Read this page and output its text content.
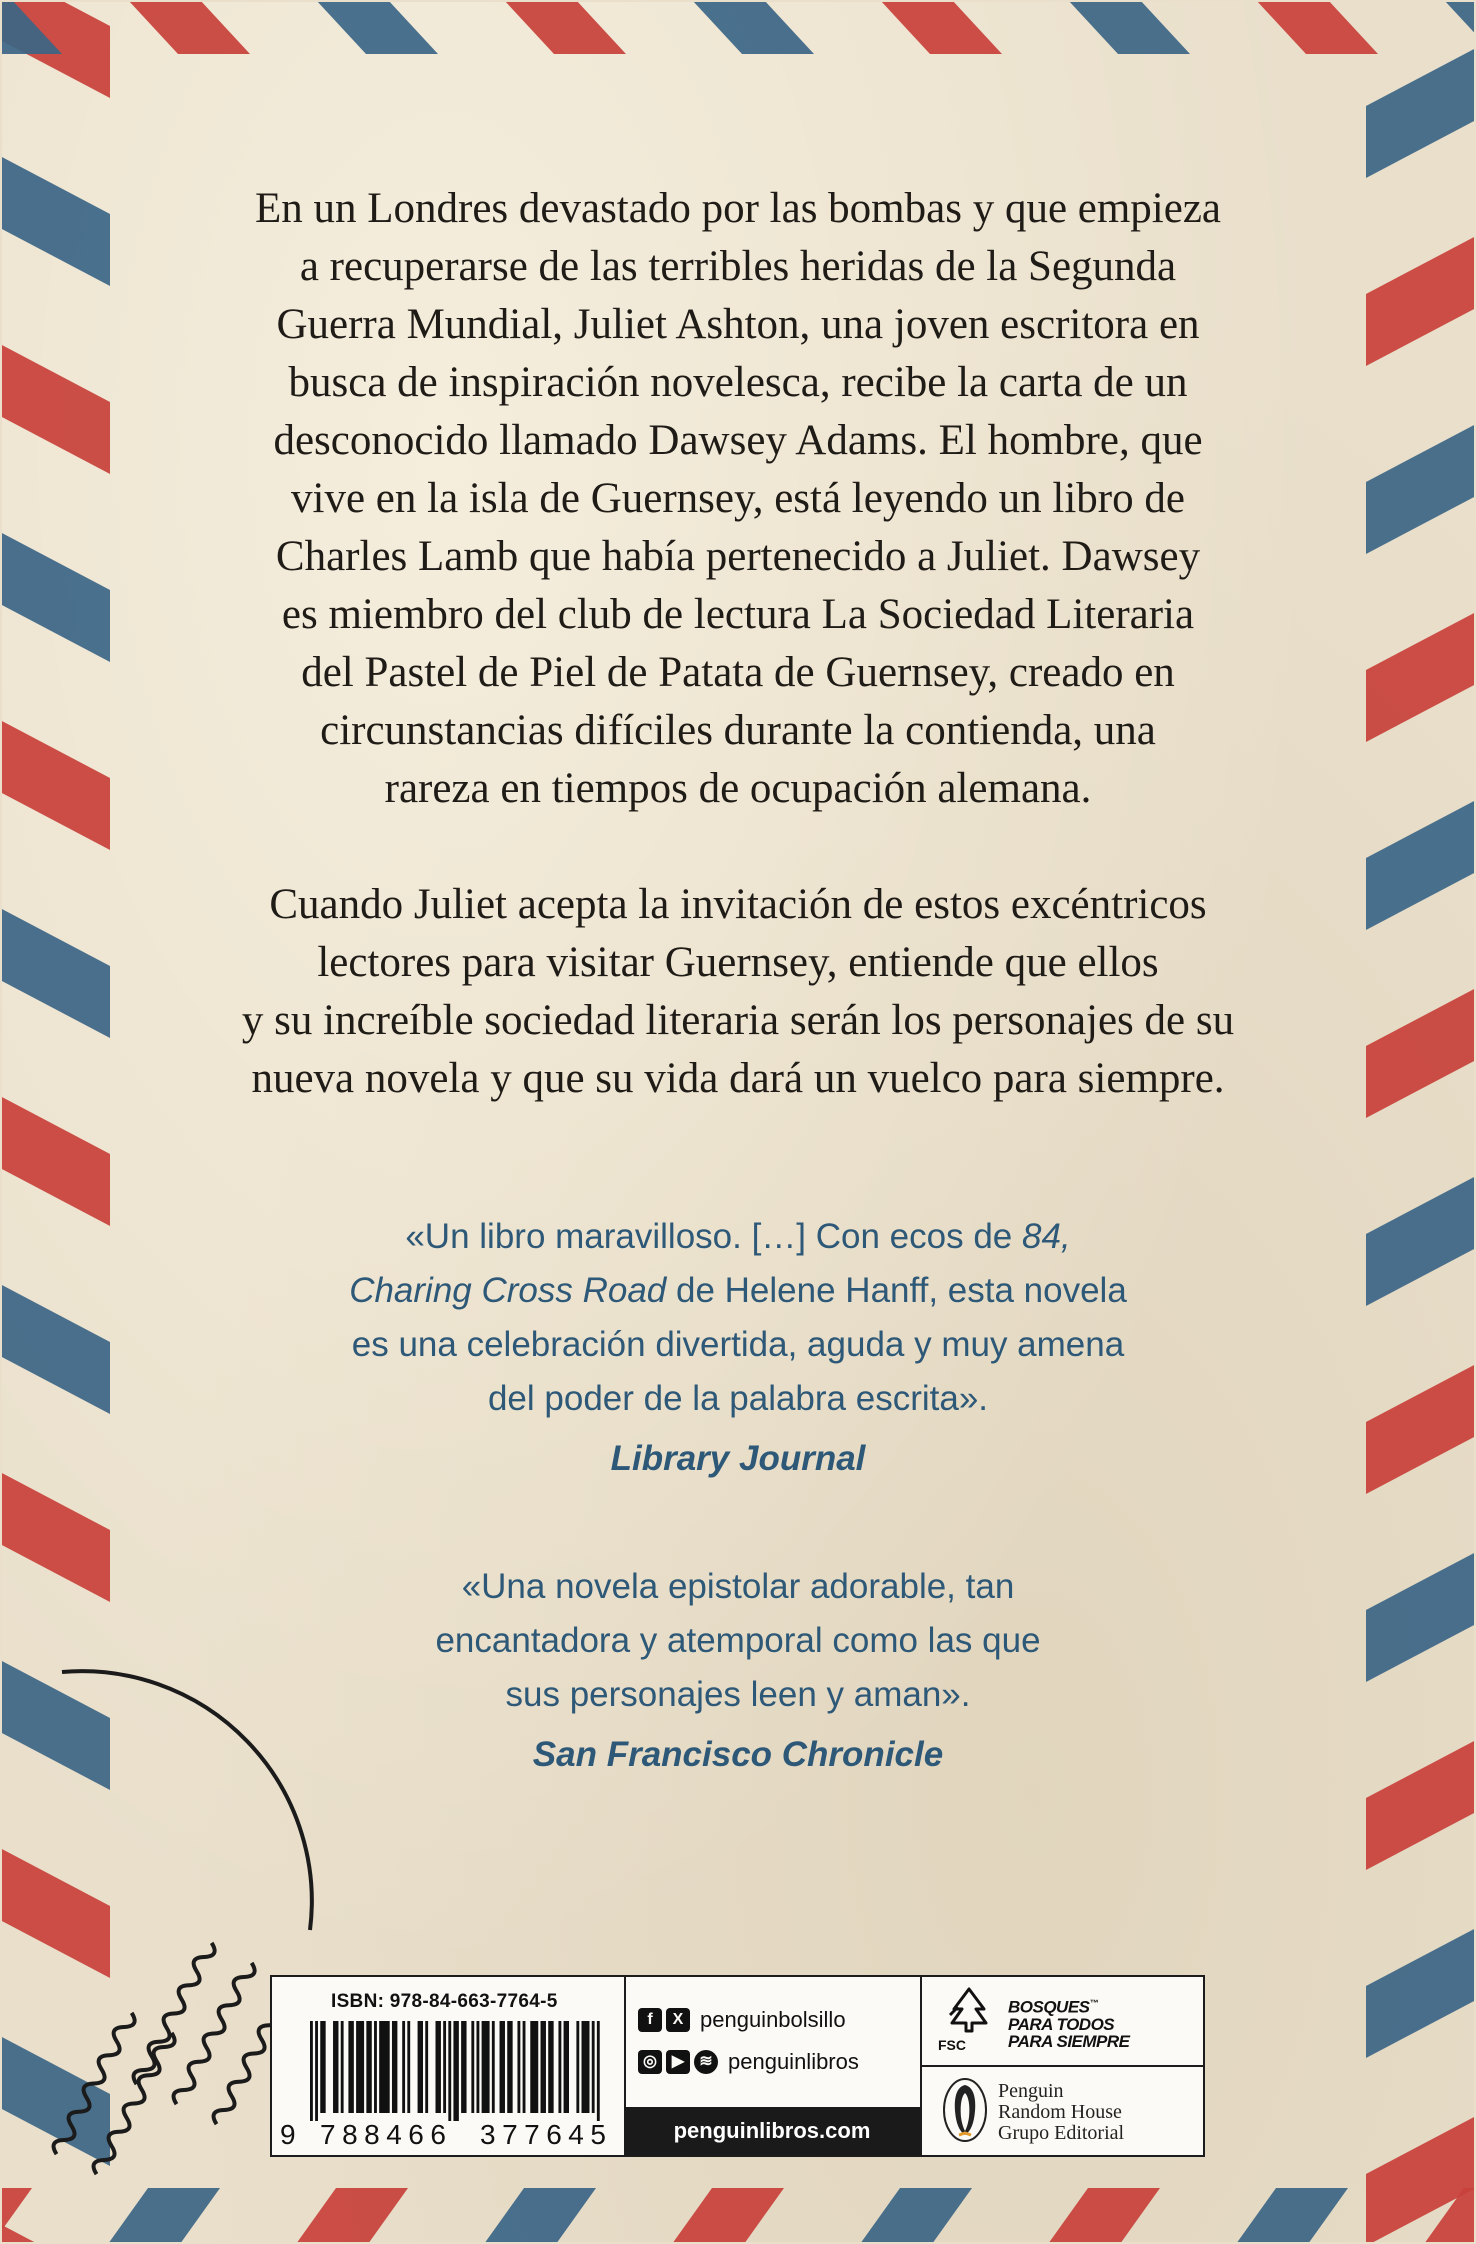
En un Londres devastado por las bombas y que empieza
a recuperarse de las terribles heridas de la Segunda
Guerra Mundial, Juliet Ashton, una joven escritora en
busca de inspiración novelesca, recibe la carta de un
desconocido llamado Dawsey Adams. El hombre, que
vive en la isla de Guernsey, está leyendo un libro de
Charles Lamb que había pertenecido a Juliet. Dawsey
es miembro del club de lectura La Sociedad Literaria
del Pastel de Piel de Patata de Guernsey, creado en
circunstancias difíciles durante la contienda, una
rareza en tiempos de ocupación alemana.

Cuando Juliet acepta la invitación de estos excéntricos
lectores para visitar Guernsey, entiende que ellos
y su increíble sociedad literaria serán los personajes de su
nueva novela y que su vida dará un vuelco para siempre.

«Un libro maravilloso. […] Con ecos de 84,
Charing Cross Road de Helene Hanff, esta novela
es una celebración divertida, aguda y muy amena
del poder de la palabra escrita».

Library Journal

«Una novela epistolar adorable, tan
encantadora y atemporal como las que
sus personajes leen y aman».

San Francisco Chronicle

ISBN: 978-84-663-7764-5
9 788466 377645
f	X penguinbolsillo
◎ ▶ ≋ penguinlibros
penguinlibros.com
FSC
BOSQUES™
PARA TODOS
PARA SIEMPRE
Penguin
Random House
Grupo Editorial
